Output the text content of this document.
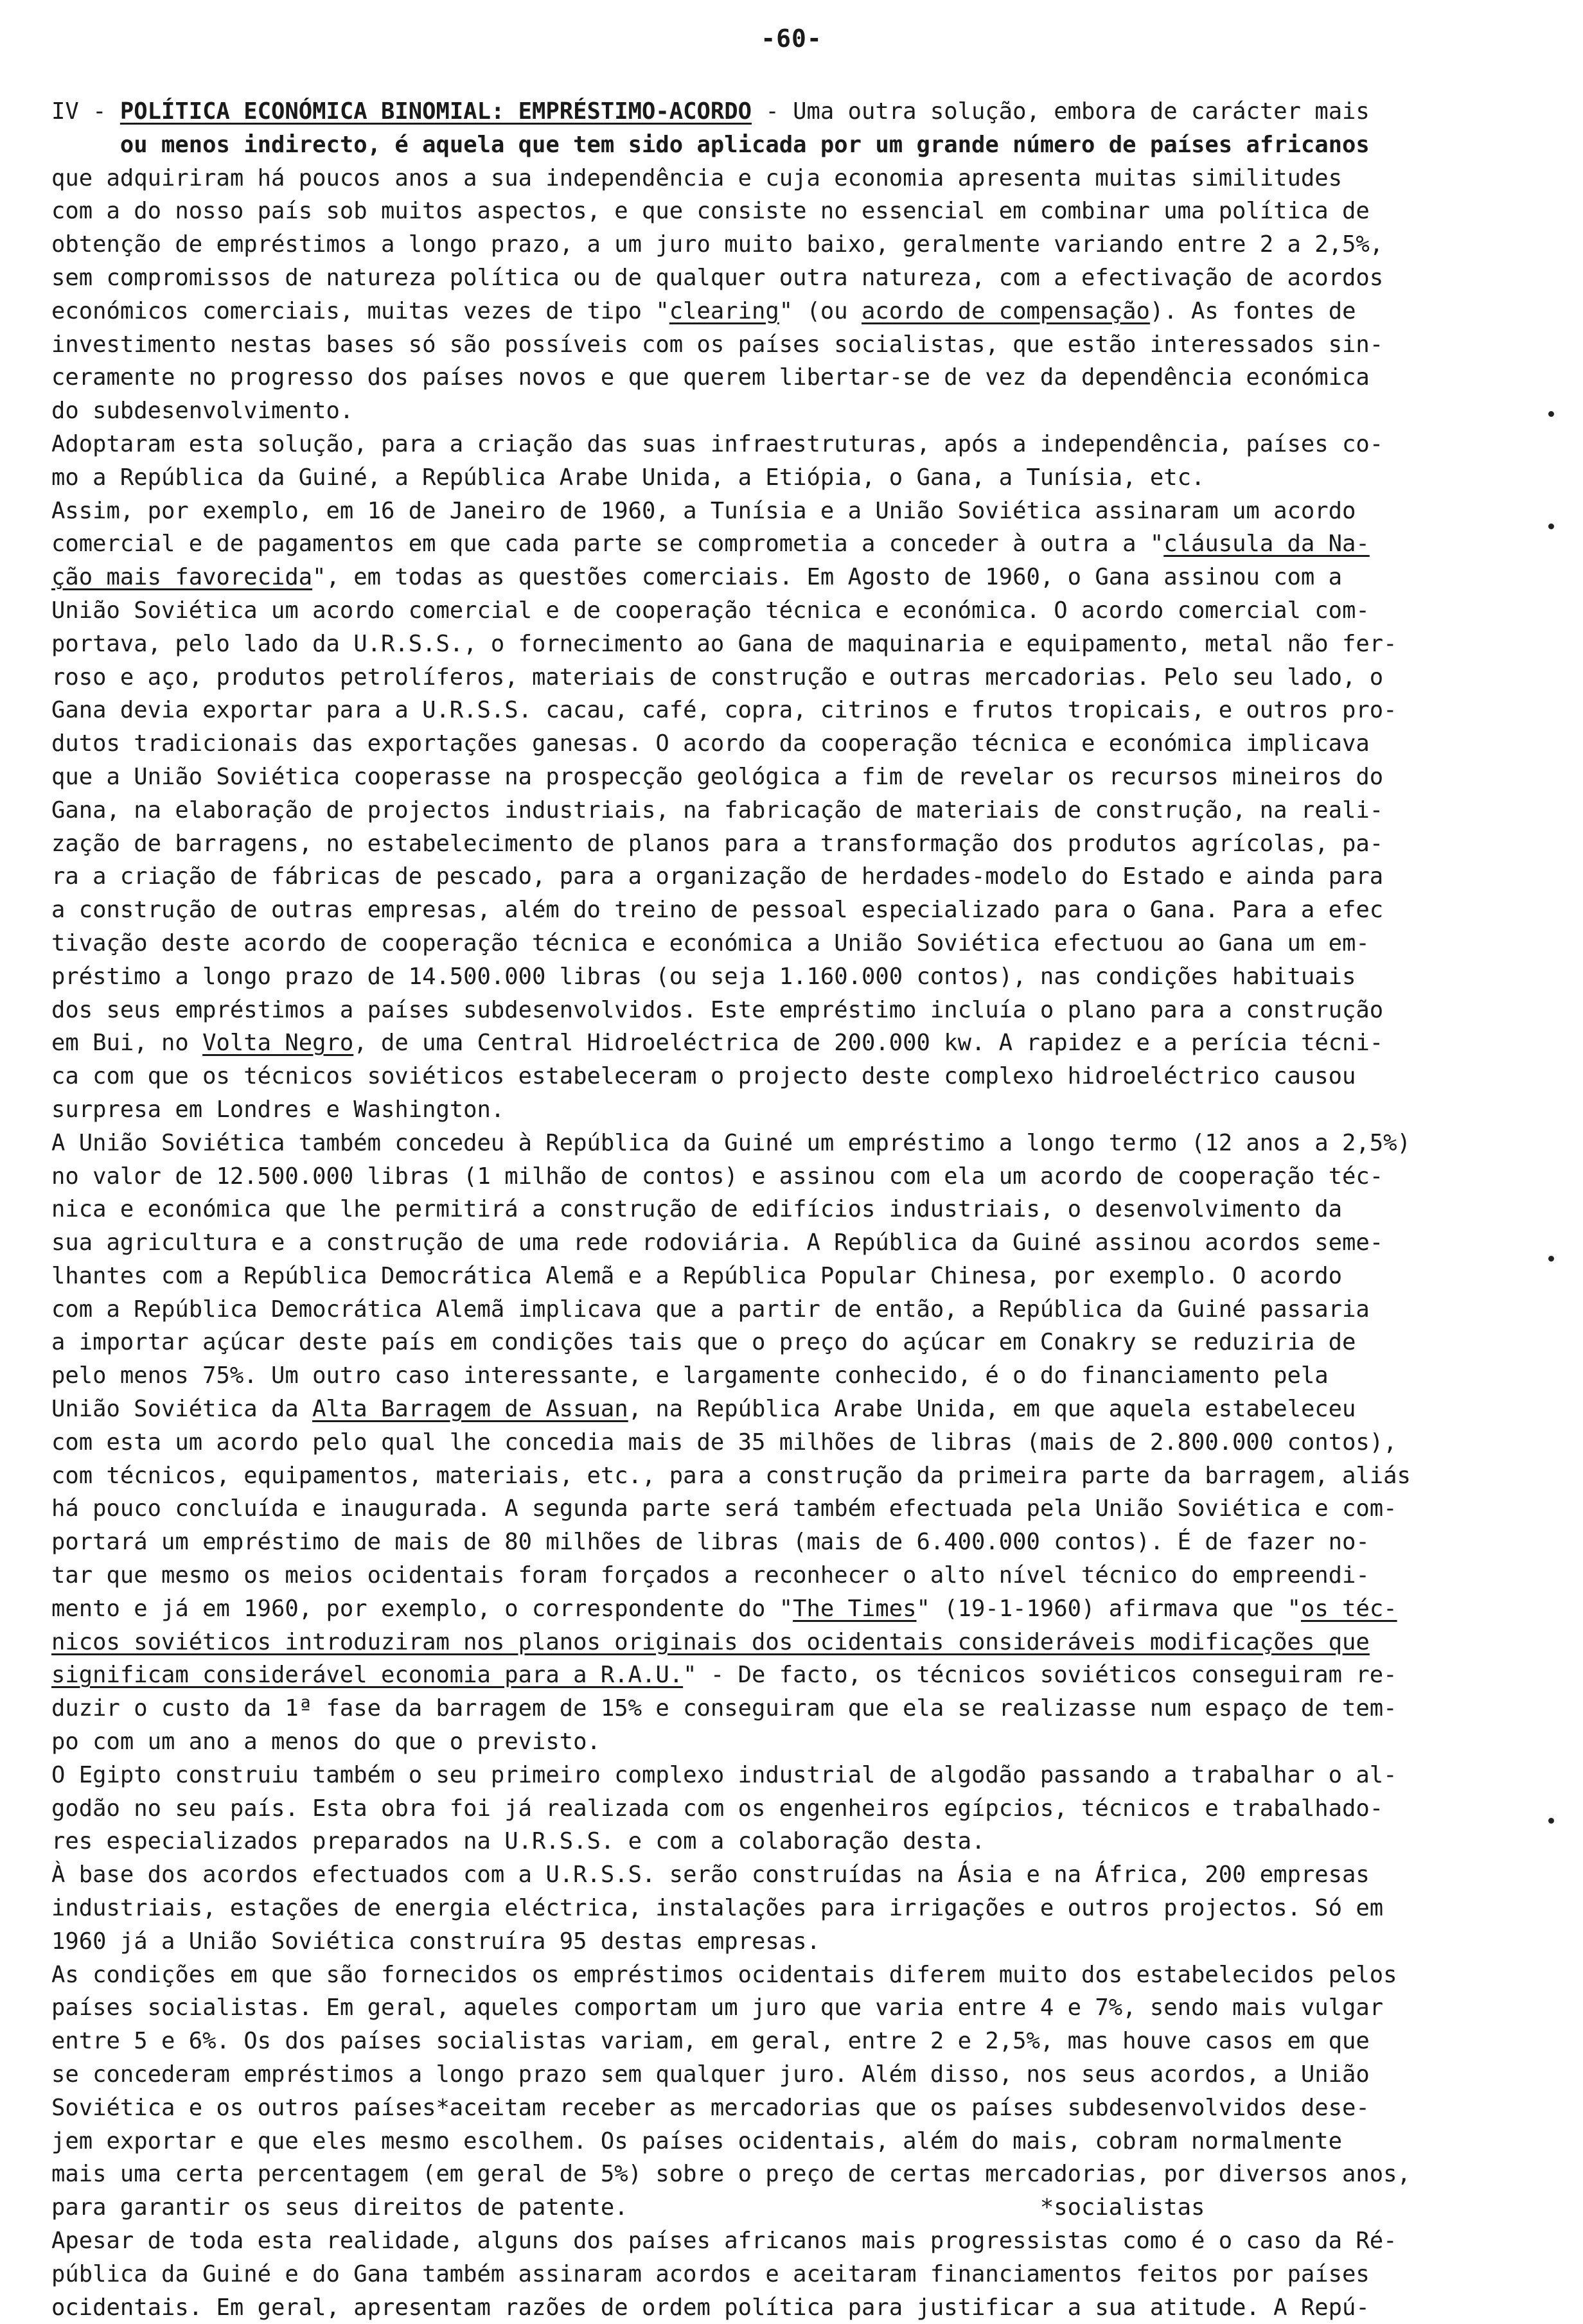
-60-
IV - POLÍTICA ECONÓMICA BINOMIAL: EMPRÉSTIMO-ACORDO - Uma outra solução, embora de carácter mais
ou menos indirecto, é aquela que tem sido aplicada por um grande número de países africanos
que adquiriram há poucos anos a sua independência e cuja economia apresenta muitas similitudes
com a do nosso país sob muitos aspectos, e que consiste no essencial em combinar uma política de
obtenção de empréstimos a longo prazo, a um juro muito baixo, geralmente variando entre 2 a 2,5%,
sem compromissos de natureza política ou de qualquer outra natureza, com a efectivação de acordos
económicos comerciais, muitas vezes de tipo "clearing" (ou acordo de compensação). As fontes de
investimento nestas bases só são possíveis com os países socialistas, que estão interessados sin-
ceramente no progresso dos países novos e que querem libertar-se de vez da dependência económica
do subdesenvolvimento.
Adoptaram esta solução, para a criação das suas infraestruturas, após a independência, países co-
mo a República da Guiné, a República Arabe Unida, a Etiópia, o Gana, a Tunísia, etc.
Assim, por exemplo, em 16 de Janeiro de 1960, a Tunísia e a União Soviética assinaram um acordo
comercial e de pagamentos em que cada parte se comprometia a conceder à outra a "cláusula da Na-
ção mais favorecida", em todas as questões comerciais. Em Agosto de 1960, o Gana assinou com a
União Soviética um acordo comercial e de cooperação técnica e económica. O acordo comercial com-
portava, pelo lado da U.R.S.S., o fornecimento ao Gana de maquinaria e equipamento, metal não fer-
roso e aço, produtos petrolíferos, materiais de construção e outras mercadorias. Pelo seu lado, o
Gana devia exportar para a U.R.S.S. cacau, café, copra, citrinos e frutos tropicais, e outros pro-
dutos tradicionais das exportações ganesas. O acordo da cooperação técnica e económica implicava
que a União Soviética cooperasse na prospecção geológica a fim de revelar os recursos mineiros do
Gana, na elaboração de projectos industriais, na fabricação de materiais de construção, na reali-
zação de barragens, no estabelecimento de planos para a transformação dos produtos agrícolas, pa-
ra a criação de fábricas de pescado, para a organização de herdades-modelo do Estado e ainda para
a construção de outras empresas, além do treino de pessoal especializado para o Gana. Para a efec
tivação deste acordo de cooperação técnica e económica a União Soviética efectuou ao Gana um em-
préstimo a longo prazo de 14.500.000 libras (ou seja 1.160.000 contos), nas condições habituais
dos seus empréstimos a países subdesenvolvidos. Este empréstimo incluía o plano para a construção
em Bui, no Volta Negro, de uma Central Hidroeléctrica de 200.000 kw. A rapidez e a perícia técni-
ca com que os técnicos soviéticos estabeleceram o projecto deste complexo hidroeléctrico causou
surpresa em Londres e Washington.
A União Soviética também concedeu à República da Guiné um empréstimo a longo termo (12 anos a 2,5%)
no valor de 12.500.000 libras (1 milhão de contos) e assinou com ela um acordo de cooperação téc-
nica e económica que lhe permitirá a construção de edifícios industriais, o desenvolvimento da
sua agricultura e a construção de uma rede rodoviária. A República da Guiné assinou acordos seme-
lhantes com a República Democrática Alemã e a República Popular Chinesa, por exemplo. O acordo
com a República Democrática Alemã implicava que a partir de então, a República da Guiné passaria
a importar açúcar deste país em condições tais que o preço do açúcar em Conakry se reduziria de
pelo menos 75%. Um outro caso interessante, e largamente conhecido, é o do financiamento pela
União Soviética da Alta Barragem de Assuan, na República Arabe Unida, em que aquela estabeleceu
com esta um acordo pelo qual lhe concedia mais de 35 milhões de libras (mais de 2.800.000 contos),
com técnicos, equipamentos, materiais, etc., para a construção da primeira parte da barragem, aliás
há pouco concluída e inaugurada. A segunda parte será também efectuada pela União Soviética e com-
portará um empréstimo de mais de 80 milhões de libras (mais de 6.400.000 contos). É de fazer no-
tar que mesmo os meios ocidentais foram forçados a reconhecer o alto nível técnico do empreendi-
mento e já em 1960, por exemplo, o correspondente do "The Times" (19-1-1960) afirmava que "os téc-
nicos soviéticos introduziram nos planos originais dos ocidentais consideráveis modificações que
significam considerável economia para a R.A.U." - De facto, os técnicos soviéticos conseguiram re-
duzir o custo da 1ª fase da barragem de 15% e conseguiram que ela se realizasse num espaço de tem-
po com um ano a menos do que o previsto.
O Egipto construiu também o seu primeiro complexo industrial de algodão passando a trabalhar o al-
godão no seu país. Esta obra foi já realizada com os engenheiros egípcios, técnicos e trabalhado-
res especializados preparados na U.R.S.S. e com a colaboração desta.
À base dos acordos efectuados com a U.R.S.S. serão construídas na Ásia e na África, 200 empresas
industriais, estações de energia eléctrica, instalações para irrigações e outros projectos. Só em
1960 já a União Soviética construíra 95 destas empresas.
As condições em que são fornecidos os empréstimos ocidentais diferem muito dos estabelecidos pelos
países socialistas. Em geral, aqueles comportam um juro que varia entre 4 e 7%, sendo mais vulgar
entre 5 e 6%. Os dos países socialistas variam, em geral, entre 2 e 2,5%, mas houve casos em que
se concederam empréstimos a longo prazo sem qualquer juro. Além disso, nos seus acordos, a União
Soviética e os outros países*aceitam receber as mercadorias que os países subdesenvolvidos dese-
jem exportar e que eles mesmo escolhem. Os países ocidentais, além do mais, cobram normalmente
mais uma certa percentagem (em geral de 5%) sobre o preço de certas mercadorias, por diversos anos,
para garantir os seus direitos de patente.                              *socialistas
Apesar de toda esta realidade, alguns dos países africanos mais progressistas como é o caso da Ré-
pública da Guiné e do Gana também assinaram acordos e aceitaram financiamentos feitos por países
ocidentais. Em geral, apresentam razões de ordem política para justificar a sua atitude. A Repú-
